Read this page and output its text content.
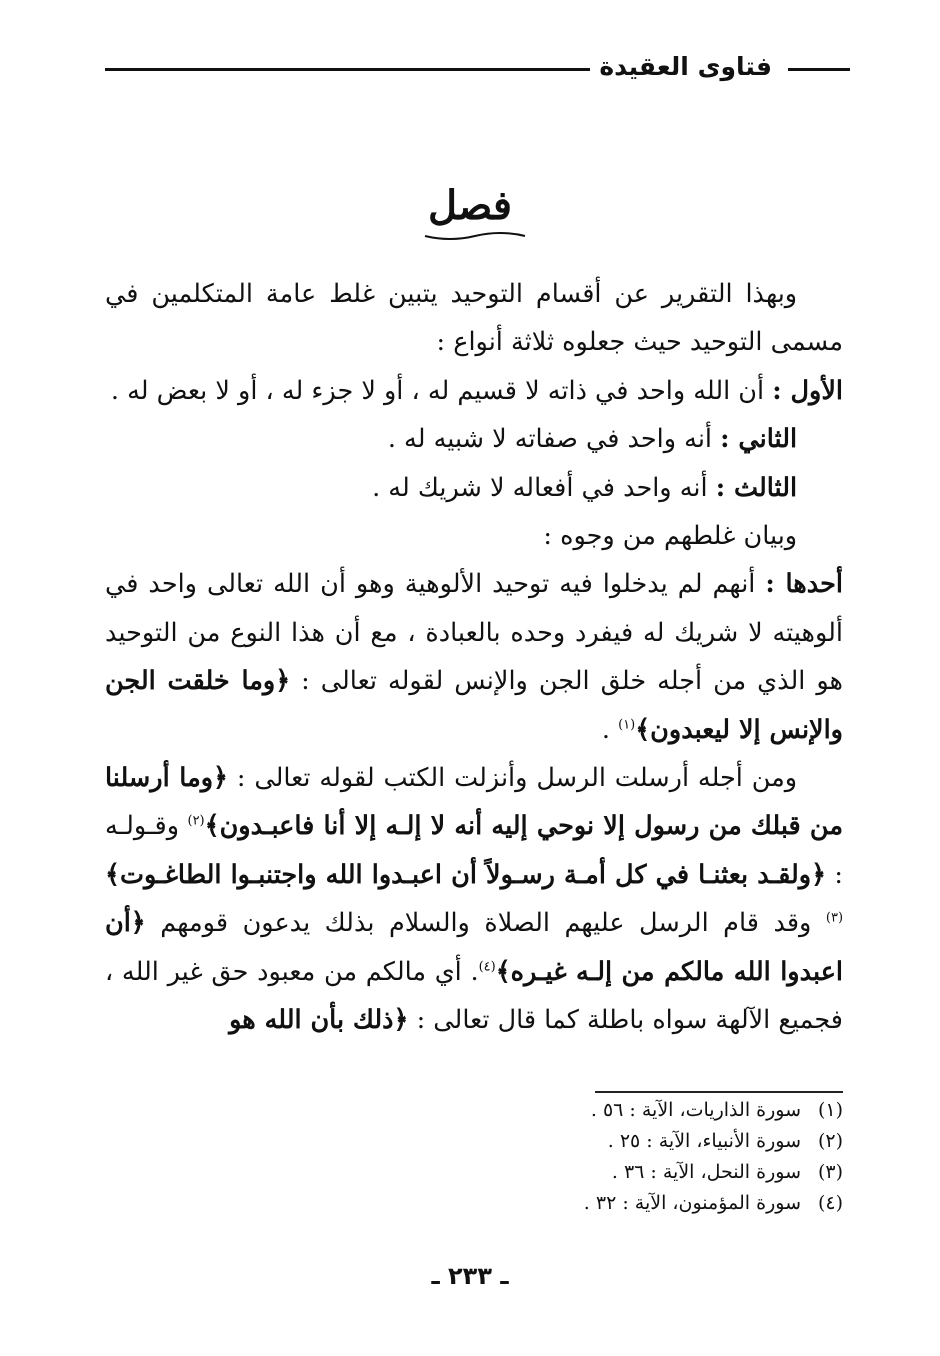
فتاوى العقيدة
فصل

وبهذا التقرير عن أقسام التوحيد يتبين غلط عامة المتكلمين في مسمى التوحيد حيث جعلوه ثلاثة أنواع :

الأول : أن الله واحد في ذاته لا قسيم له ، أو لا جزء له ، أو لا بعض له .

الثاني : أنه واحد في صفاته لا شبيه له .

الثالث : أنه واحد في أفعاله لا شريك له .

وبيان غلطهم من وجوه :

أحدها : أنهم لم يدخلوا فيه توحيد الألوهية وهو أن الله تعالى واحد في ألوهيته لا شريك له فيفرد وحده بالعبادة ، مع أن هذا النوع من التوحيد هو الذي من أجله خلق الجن والإنس لقوله تعالى : ﴿وما خلقت الجن والإنس إلا ليعبدون﴾$^{(١)}$ .

ومن أجله أرسلت الرسل وأنزلت الكتب لقوله تعالى : ﴿وما أرسلنا من قبلك من رسول إلا نوحي إليه أنه لا إلـه إلا أنا فاعبـدون﴾$^{(٢)}$ وقـولـه : ﴿ولقـد بعثنـا في كل أمـة رسـولاً أن اعبـدوا الله واجتنبـوا الطاغـوت﴾$^{(٣)}$ وقد قام الرسل عليهم الصلاة والسلام بذلك يدعون قومهم ﴿أن اعبدوا الله مالكم من إلـه غيـره﴾$^{(٤)}$. أي مالكم من معبود حق غير الله ، فجميع الآلهة سواه باطلة كما قال تعالى : ﴿ذلك بأن الله هو

(١)سورة الذاريات، الآية : ٥٦ .
(٢)سورة الأنبياء، الآية : ٢٥ .
(٣)سورة النحل، الآية : ٣٦ .
(٤)سورة المؤمنون، الآية : ٣٢ .
ـ ٢٣٣ ـ
